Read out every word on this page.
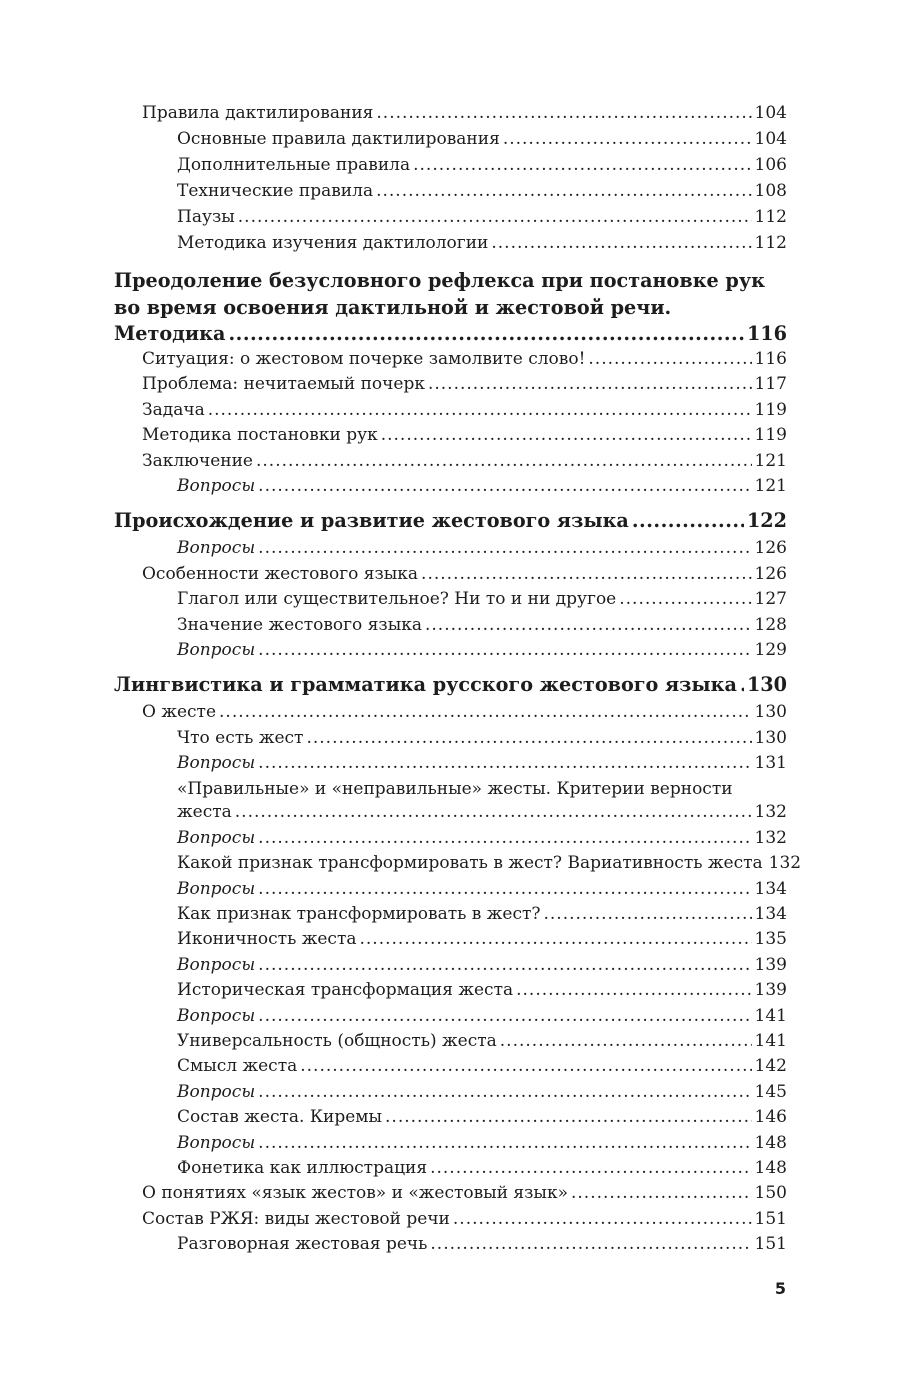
Правила дактилирования .....	104
Основные правила дактилирования .....	104
Дополнительные правила .....	106
Технические правила .....	108
Паузы .....	112
Методика изучения дактилологии .....	112
Преодоление безусловного рефлекса при постановке рук
во время освоения дактильной и жестовой речи.
Методика .....	116
Ситуация: о жестовом почерке замолвите слово! .....	116
Проблема: нечитаемый почерк .....	117
Задача .....	119
Методика постановки рук .....	119
Заключение .....	121
Вопросы .....	121
Происхождение и развитие жестового языка .....	122
Вопросы .....	126
Особенности жестового языка .....	126
Глагол или существительное? Ни то и ни другое .....	127
Значение жестового языка .....	128
Вопросы .....	129
Лингвистика и грамматика русского жестового языка ..... 130
О жесте .....	130
Что есть жест .....	130
Вопросы .....	131
«Правильные» и «неправильные» жесты. Критерии верности
жеста .....	132
Вопросы .....	132
Какой признак трансформировать в жест? Вариативность жеста 132
Вопросы .....	134
Как признак трансформировать в жест? .....	134
Иконичность жеста .....	135
Вопросы .....	139
Историческая трансформация жеста .....	139
Вопросы .....	141
Универсальность (общность) жеста .....	141
Смысл жеста .....	142
Вопросы .....	145
Состав жеста. Киремы .....	146
Вопросы .....	148
Фонетика как иллюстрация .....	148
О понятиях «язык жестов» и «жестовый язык» .....	150
Состав РЖЯ: виды жестовой речи .....	151
Разговорная жестовая речь .....	151
5
